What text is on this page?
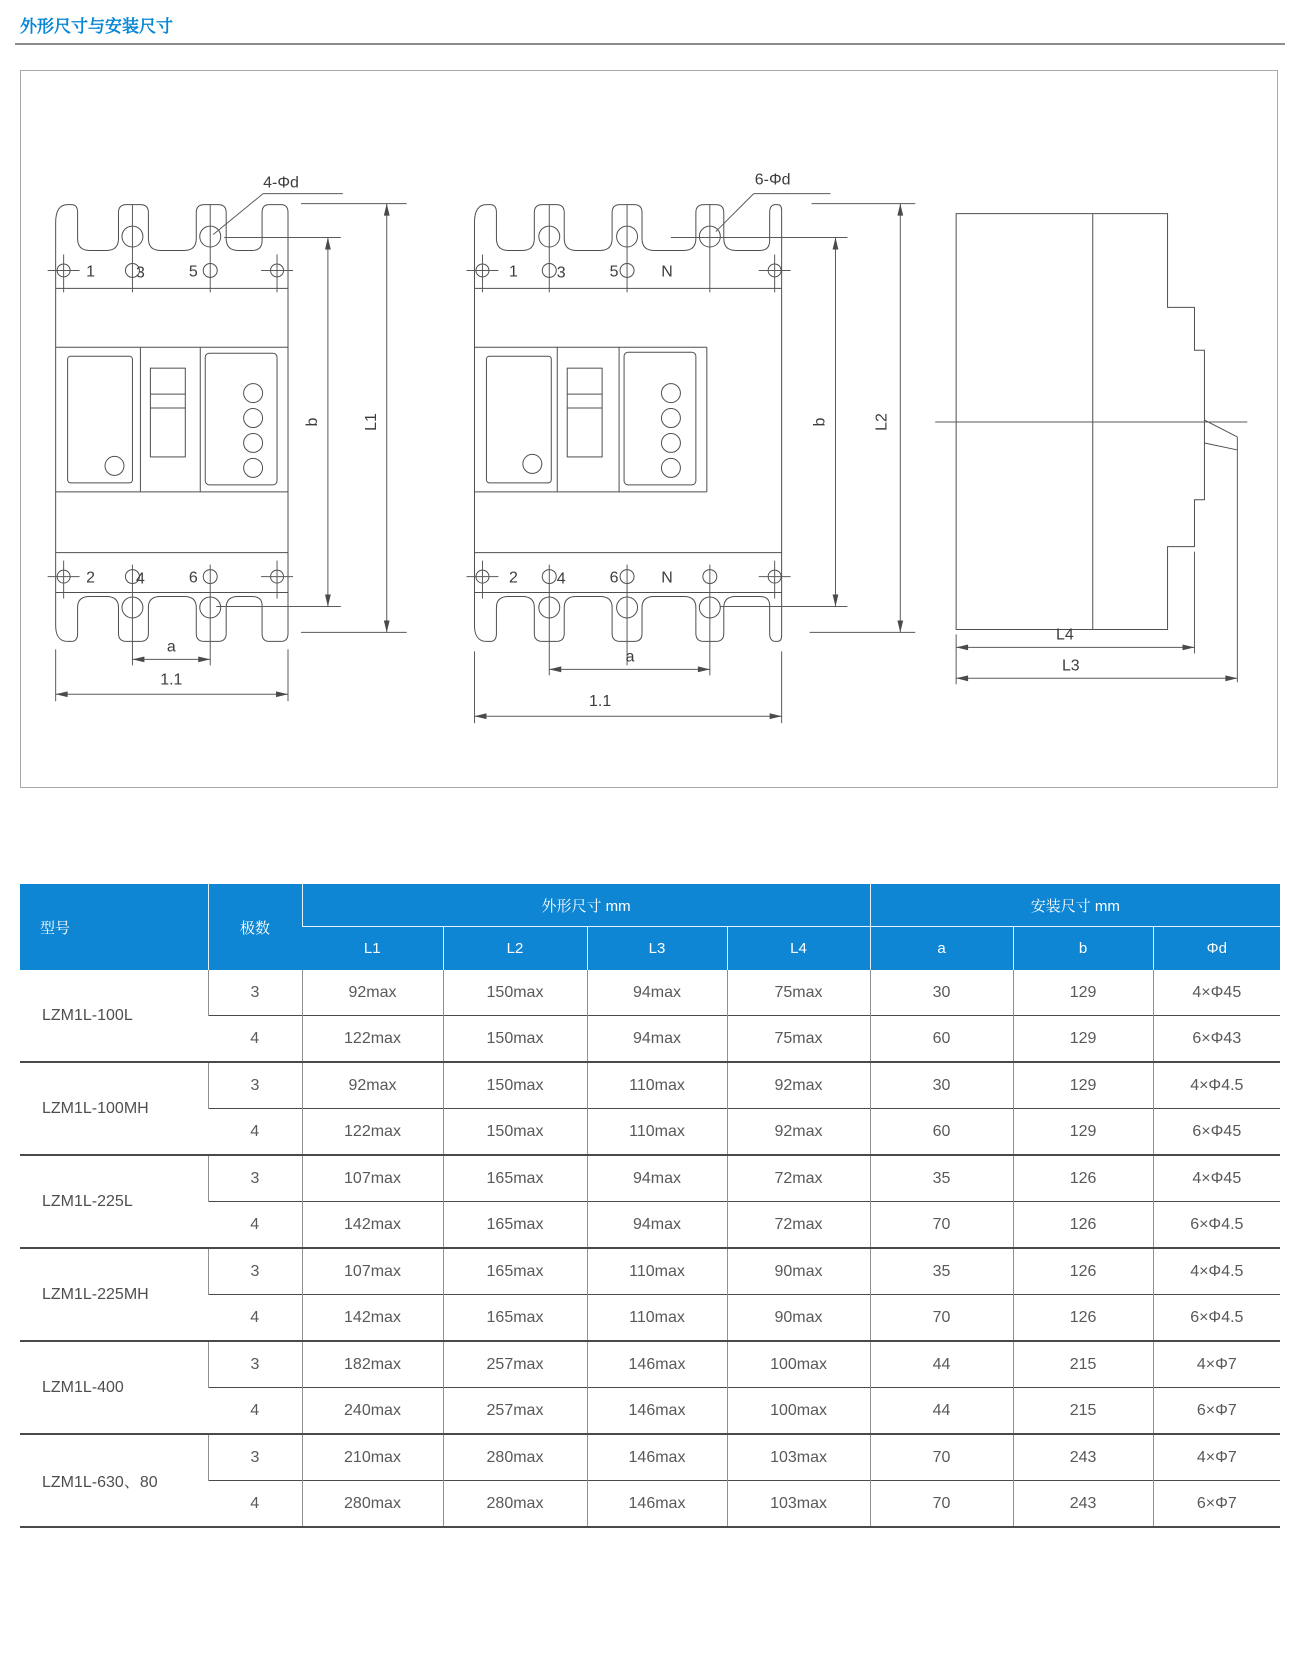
外形尺寸与安装尺寸
1	3	5
2	4	6
4-Φd
b	L1
a
1.1
1 3	5	N
2 4	6	N
6-Φd
b	L2
a
1.1
L4
L3
型号	极数	外形尺寸 mm				安装尺寸 mm		
		L1	L2	L3	L4	a	b	Φd
LZM1L-100L	3	92max	150max	94max	75max	30	129	4×Φ45
	4	122max	150max	94max	75max	60	129	6×Φ43
LZM1L-100MH	3	92max	150max	110max	92max	30	129	4×Φ4.5
	4	122max	150max	110max	92max	60	129	6×Φ45
LZM1L-225L	3	107max	165max	94max	72max	35	126	4×Φ45
	4	142max	165max	94max	72max	70	126	6×Φ4.5
LZM1L-225MH	3	107max	165max	110max	90max	35	126	4×Φ4.5
	4	142max	165max	110max	90max	70	126	6×Φ4.5
LZM1L-400	3	182max	257max	146max	100max	44	215	4×Φ7
	4	240max	257max	146max	100max	44	215	6×Φ7
LZM1L-630、80	3	210max	280max	146max	103max	70	243	4×Φ7
	4	280max	280max	146max	103max	70	243	6×Φ7
